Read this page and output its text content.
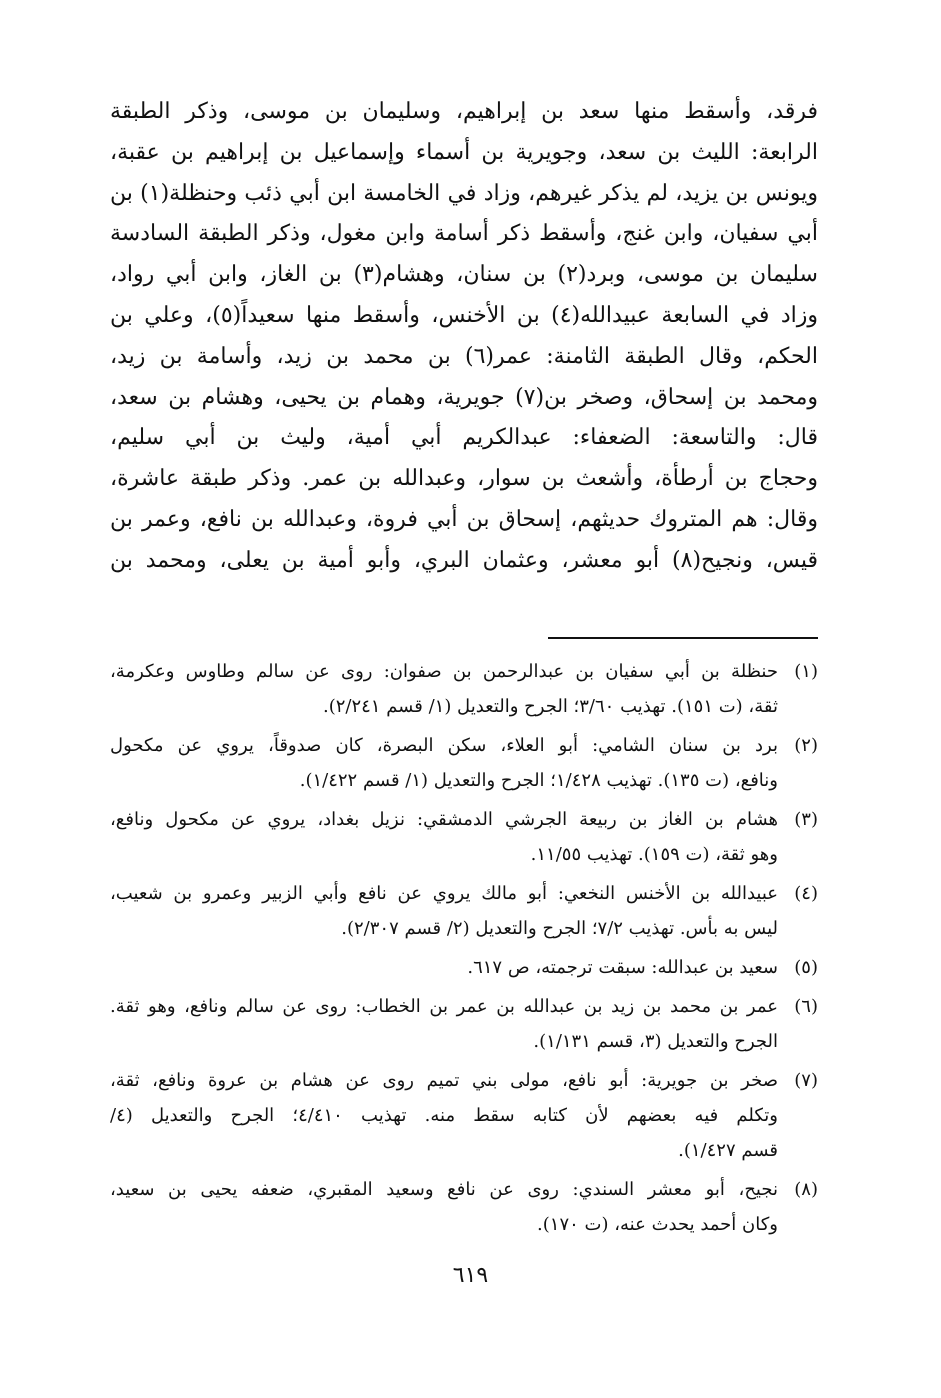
فرقد، وأسقط منها سعد بن إبراهيم، وسليمان بن موسى، وذكر الطبقة
الرابعة: الليث بن سعد، وجويرية بن أسماء وإسماعيل بن إبراهيم بن عقبة،
ويونس بن يزيد، لم يذكر غيرهم، وزاد في الخامسة ابن أبي ذئب وحنظلة(١) بن
أبي سفيان، وابن غنج، وأسقط ذكر أسامة وابن مغول، وذكر الطبقة السادسة
سليمان بن موسى، وبرد(٢) بن سنان، وهشام(٣) بن الغاز، وابن أبي رواد،
وزاد في السابعة عبيدالله(٤) بن الأخنس، وأسقط منها سعيداً(٥)، وعلي بن
الحكم، وقال الطبقة الثامنة: عمر(٦) بن محمد بن زيد، وأسامة بن زيد،
ومحمد بن إسحاق، وصخر بن(٧) جويرية، وهمام بن يحيى، وهشام بن سعد،
قال: والتاسعة: الضعفاء: عبدالكريم أبي أمية، وليث بن أبي سليم،
وحجاج بن أرطأة، وأشعث بن سوار، وعبدالله بن عمر. وذكر طبقة عاشرة،
وقال: هم المتروك حديثهم، إسحاق بن أبي فروة، وعبدالله بن نافع، وعمر بن
قيس، ونجيح(٨) أبو معشر، وعثمان البري، وأبو أمية بن يعلى، ومحمد بن
(١)
حنظلة بن أبي سفيان بن عبدالرحمن بن صفوان: روى عن سالم وطاوس وعكرمة،
ثقة، (ت ١٥١). تهذيب ٣/٦٠؛ الجرح والتعديل (١/ قسم ٢/٢٤١).
(٢)
برد بن سنان الشامي: أبو العلاء، سكن البصرة، كان صدوقاً، يروي عن مكحول
ونافع، (ت ١٣٥). تهذيب ١/٤٢٨؛ الجرح والتعديل (١/ قسم ١/٤٢٢).
(٣)
هشام بن الغاز بن ربيعة الجرشي الدمشقي: نزيل بغداد، يروي عن مكحول ونافع،
وهو ثقة، (ت ١٥٩). تهذيب ١١/٥٥.
(٤)
عبيدالله بن الأخنس النخعي: أبو مالك يروي عن نافع وأبي الزبير وعمرو بن شعيب،
ليس به بأس. تهذيب ٧/٢؛ الجرح والتعديل (٢/ قسم ٢/٣٠٧).
(٥)
سعيد بن عبدالله: سبقت ترجمته، ص ٦١٧.
(٦)
عمر بن محمد بن زيد بن عبدالله بن عمر بن الخطاب: روى عن سالم ونافع، وهو ثقة.
الجرح والتعديل (٣، قسم ١/١٣١).
(٧)
صخر بن جويرية: أبو نافع، مولى بني تميم روى عن هشام بن عروة ونافع، ثقة،
وتكلم فيه بعضهم لأن كتابه سقط منه. تهذيب ٤/٤١٠؛ الجرح والتعديل (٤/
قسم ١/٤٢٧).
(٨)
نجيح، أبو معشر السندي: روى عن نافع وسعيد المقبري، ضعفه يحيى بن سعيد،
وكان أحمد يحدث عنه، (ت ١٧٠).
٦١٩
